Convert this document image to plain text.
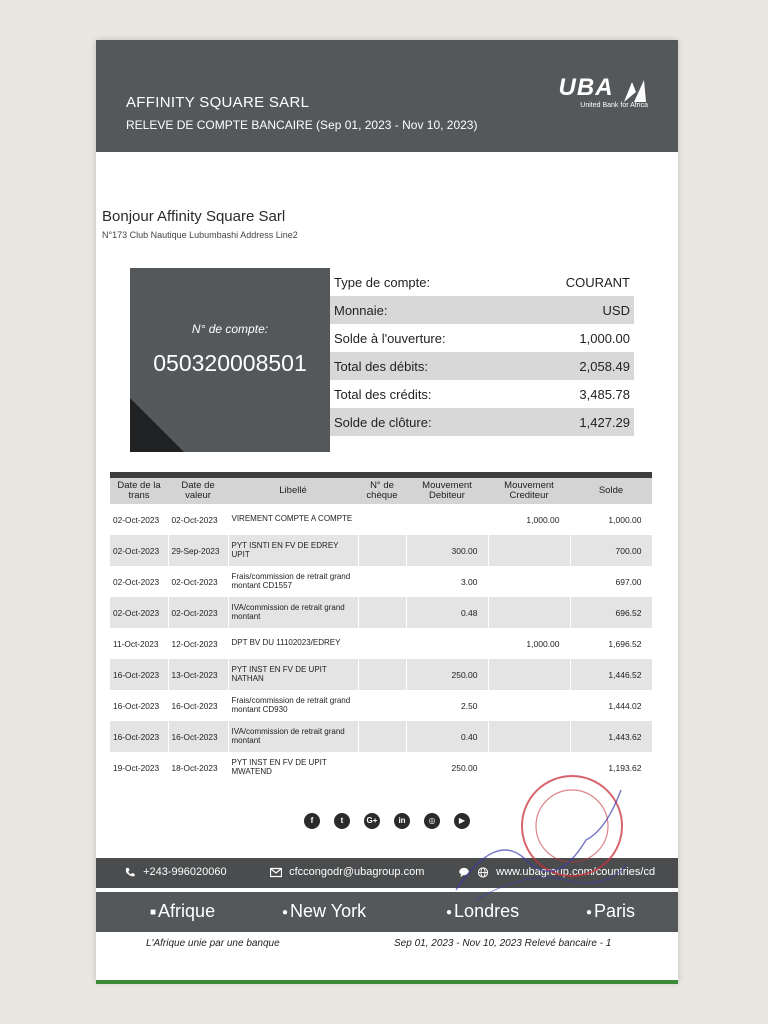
AFFINITY SQUARE SARL
RELEVE DE COMPTE BANCAIRE (Sep 01, 2023 - Nov 10, 2023)
UBA
United Bank for Africa
Bonjour Affinity Square Sarl
N°173 Club Nautique Lubumbashi Address Line2
N° de compte:
050320008501
Type de compte:	COURANT
Monnaie:	USD
Solde à l'ouverture:	1,000.00
Total des débits:	2,058.49
Total des crédits:	3,485.78
Solde de clôture:	1,427.29
Date de la trans	Date de valeur	Libellé	N° de chèque	Mouvement Debiteur	Mouvement Crediteur	Solde
02-Oct-2023	02-Oct-2023	VIREMENT COMPTE A COMPTE			1,000.00	1,000.00
02-Oct-2023	29-Sep-2023	PYT ISNTI EN FV DE EDREY UPIT		300.00		700.00
02-Oct-2023	02-Oct-2023	Frais/commission de retrait grand montant CD1557		3.00		697.00
02-Oct-2023	02-Oct-2023	IVA/commission de retrait grand montant		0.48		696.52
11-Oct-2023	12-Oct-2023	DPT BV DU 11102023/EDREY			1,000.00	1,696.52
16-Oct-2023	13-Oct-2023	PYT INST EN FV DE UPIT NATHAN		250.00		1,446.52
16-Oct-2023	16-Oct-2023	Frais/commission de retrait grand montant CD930		2.50		1,444.02
16-Oct-2023	16-Oct-2023	IVA/commission de retrait grand montant		0.40		1,443.62
19-Oct-2023	18-Oct-2023	PYT INST EN FV DE UPIT MWATEND		250.00		1,193.62
f	t	G+	in	◎	▶
+243-996020060	cfccongodr@ubagroup.com	www.ubagroup.com/countries/cd
■ Afrique	● New York	● Londres	● Paris
L'Afrique unie par une banque	Sep 01, 2023 - Nov 10, 2023 Relevé bancaire - 1
